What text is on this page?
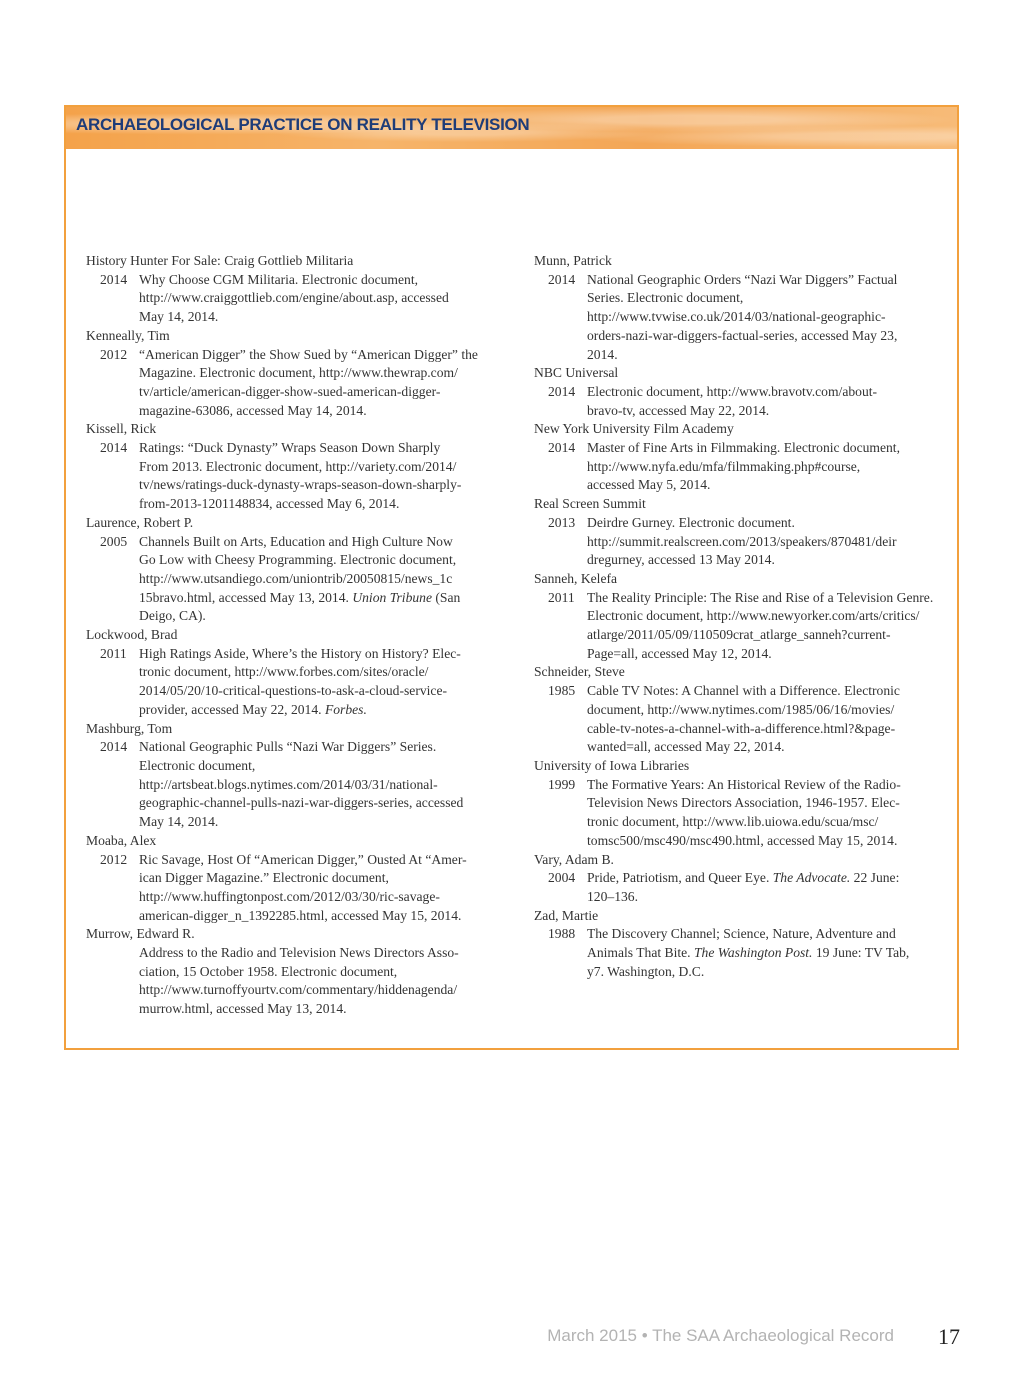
ARCHAEOLOGICAL PRACTICE ON REALITY TELEVISION
History Hunter For Sale: Craig Gottlieb Militaria
2014 Why Choose CGM Militaria. Electronic document,
http://www.craiggottlieb.com/engine/about.asp, accessed
May 14, 2014.
Kenneally, Tim
2012 “American Digger” the Show Sued by “American Digger” the
Magazine. Electronic document, http://www.thewrap.com/
tv/article/american-digger-show-sued-american-digger-
magazine-63086, accessed May 14, 2014.
Kissell, Rick
2014 Ratings: “Duck Dynasty” Wraps Season Down Sharply
From 2013. Electronic document, http://variety.com/2014/
tv/news/ratings-duck-dynasty-wraps-season-down-sharply-
from-2013-1201148834, accessed May 6, 2014.
Laurence, Robert P.
2005 Channels Built on Arts, Education and High Culture Now
Go Low with Cheesy Programming. Electronic document,
http://www.utsandiego.com/uniontrib/20050815/news_1c
15bravo.html, accessed May 13, 2014. Union Tribune (San
Deigo, CA).
Lockwood, Brad
2011 High Ratings Aside, Where’s the History on History? Elec-
tronic document, http://www.forbes.com/sites/oracle/
2014/05/20/10-critical-questions-to-ask-a-cloud-service-
provider, accessed May 22, 2014. Forbes.
Mashburg, Tom
2014 National Geographic Pulls “Nazi War Diggers” Series.
Electronic document,
http://artsbeat.blogs.nytimes.com/2014/03/31/national-
geographic-channel-pulls-nazi-war-diggers-series, accessed
May 14, 2014.
Moaba, Alex
2012 Ric Savage, Host Of “American Digger,” Ousted At “Amer-
ican Digger Magazine.” Electronic document,
http://www.huffingtonpost.com/2012/03/30/ric-savage-
american-digger_n_1392285.html, accessed May 15, 2014.
Murrow, Edward R.
Address to the Radio and Television News Directors Asso-
ciation, 15 October 1958. Electronic document,
http://www.turnoffyourtv.com/commentary/hiddenagenda/
murrow.html, accessed May 13, 2014.
Munn, Patrick
2014 National Geographic Orders “Nazi War Diggers” Factual
Series. Electronic document,
http://www.tvwise.co.uk/2014/03/national-geographic-
orders-nazi-war-diggers-factual-series, accessed May 23,
2014.
NBC Universal
2014 Electronic document, http://www.bravotv.com/about-
bravo-tv, accessed May 22, 2014.
New York University Film Academy
2014 Master of Fine Arts in Filmmaking. Electronic document,
http://www.nyfa.edu/mfa/filmmaking.php#course,
accessed May 5, 2014.
Real Screen Summit
2013 Deirdre Gurney. Electronic document.
http://summit.realscreen.com/2013/speakers/870481/deir
dregurney, accessed 13 May 2014.
Sanneh, Kelefa
2011 The Reality Principle: The Rise and Rise of a Television Genre.
Electronic document, http://www.newyorker.com/arts/critics/
atlarge/2011/05/09/110509crat_atlarge_sanneh?current-
Page=all, accessed May 12, 2014.
Schneider, Steve
1985 Cable TV Notes: A Channel with a Difference. Electronic
document, http://www.nytimes.com/1985/06/16/movies/
cable-tv-notes-a-channel-with-a-difference.html?&page-
wanted=all, accessed May 22, 2014.
University of Iowa Libraries
1999 The Formative Years: An Historical Review of the Radio-
Television News Directors Association, 1946-1957. Elec-
tronic document, http://www.lib.uiowa.edu/scua/msc/
tomsc500/msc490/msc490.html, accessed May 15, 2014.
Vary, Adam B.
2004 Pride, Patriotism, and Queer Eye. The Advocate. 22 June:
120–136.
Zad, Martie
1988 The Discovery Channel; Science, Nature, Adventure and
Animals That Bite. The Washington Post. 19 June: TV Tab,
y7. Washington, D.C.
March 2015 • The SAA Archaeological Record 17
